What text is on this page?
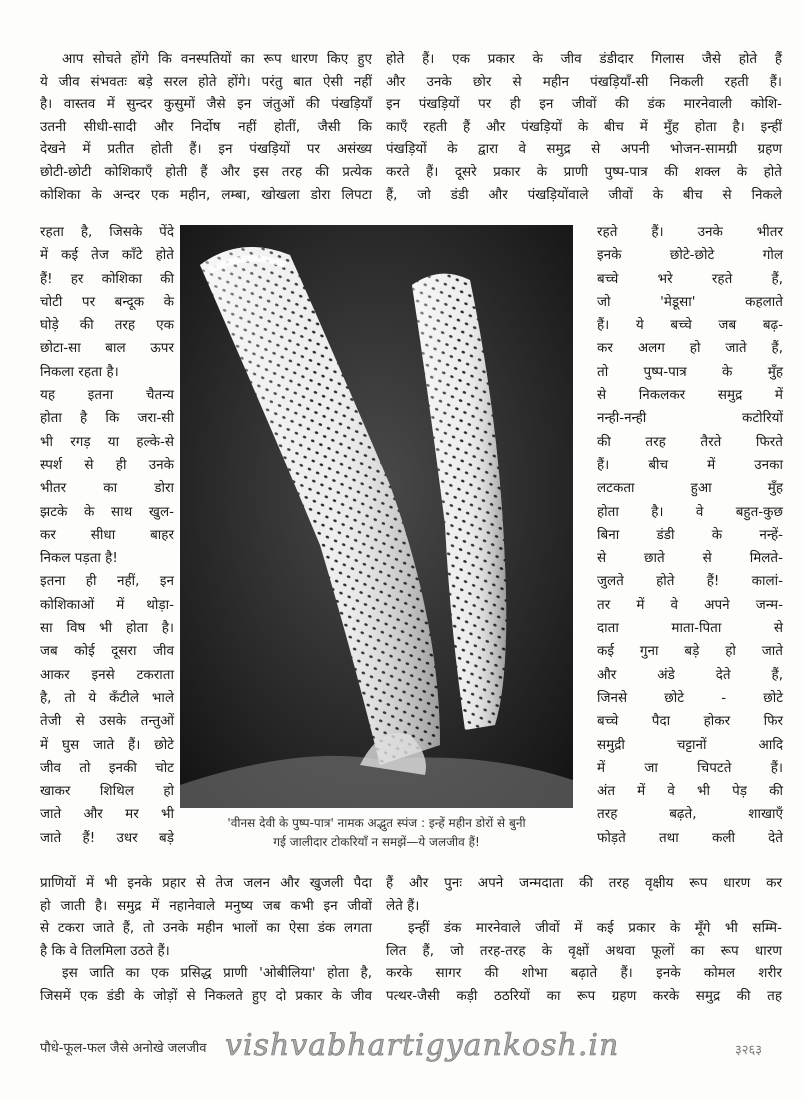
आप सोचते होंगे कि वनस्पतियों का रूप धारण किए हुए
ये जीव संभवतः बड़े सरल होते होंगे। परंतु बात ऐसी नहीं
है। वास्तव में सुन्दर कुसुमों जैसे इन जंतुओं की पंखड़ियाँ
उतनी सीधी-सादी और निर्दोष नहीं होतीं, जैसी कि
देखने में प्रतीत होती हैं। इन पंखड़ियों पर असंख्य
छोटी-छोटी कोशिकाएँ होती हैं और इस तरह की प्रत्येक
कोशिका के अन्दर एक महीन, लम्बा, खोखला डोरा लिपटा
होते हैं। एक प्रकार के जीव डंडीदार गिलास जैसे होते हैं
और उनके छोर से महीन पंखड़ियाँ-सी निकली रहती हैं।
इन पंखड़ियों पर ही इन जीवों की डंक मारनेवाली कोशि-
काएँ रहती हैं और पंखड़ियों के बीच में मुँह होता है। इन्हीं
पंखड़ियों के द्वारा वे समुद्र से अपनी भोजन-सामग्री ग्रहण
करते हैं। दूसरे प्रकार के प्राणी पुष्प-पात्र की शक्ल के होते
हैं, जो डंडी और पंखड़ियोंवाले जीवों के बीच से निकले
रहता है, जिसके पेंदे
में कई तेज काँटे होते
हैं! हर कोशिका की
चोटी पर बन्दूक के
घोड़े की तरह एक
छोटा-सा बाल ऊपर
निकला रहता है।
यह इतना चैतन्य
होता है कि जरा-सी
भी रगड़ या हल्के-से
स्पर्श से ही उनके
भीतर का डोरा
झटके के साथ खुल-
कर सीधा बाहर
निकल पड़ता है!
इतना ही नहीं, इन
कोशिकाओं में थोड़ा-
सा विष भी होता है।
जब कोई दूसरा जीव
आकर इनसे टकराता
है, तो ये कँटीले भाले
तेजी से उसके तन्तुओं
में घुस जाते हैं। छोटे
जीव तो इनकी चोट
खाकर शिथिल हो
जाते और मर भी
जाते हैं! उधर बड़े
रहते हैं। उनके भीतर
इनके छोटे-छोटे गोल
बच्चे भरे रहते हैं,
जो 'मेडूसा' कहलाते
हैं। ये बच्चे जब बढ़-
कर अलग हो जाते हैं,
तो पुष्प-पात्र के मुँह
से निकलकर समुद्र में
नन्ही-नन्ही कटोरियों
की तरह तैरते फिरते
हैं। बीच में उनका
लटकता हुआ मुँह
होता है। वे बहुत-कुछ
बिना डंडी के नन्हें-
से छाते से मिलते-
जुलते होते हैं! कालां-
तर में वे अपने जन्म-
दाता माता-पिता से
कई गुना बड़े हो जाते
और अंडे देते हैं,
जिनसे छोटे - छोटे
बच्चे पैदा होकर फिर
समुद्री चट्टानों आदि
में जा चिपटते हैं।
अंत में वे भी पेड़ की
तरह बढ़ते, शाखाएँ
फोड़ते तथा कली देते
प्राणियों में भी इनके प्रहार से तेज जलन और खुजली पैदा
हो जाती है। समुद्र में नहानेवाले मनुष्य जब कभी इन जीवों
से टकरा जाते हैं, तो उनके महीन भालों का ऐसा डंक लगता
है कि वे तिलमिला उठते हैं।
इस जाति का एक प्रसिद्ध प्राणी 'ओबीलिया' होता है,
जिसमें एक डंडी के जोड़ों से निकलते हुए दो प्रकार के जीव
हैं और पुनः अपने जन्मदाता की तरह वृक्षीय रूप धारण कर
लेते हैं।
इन्हीं डंक मारनेवाले जीवों में कई प्रकार के मूँगे भी सम्मि-
लित हैं, जो तरह-तरह के वृक्षों अथवा फूलों का रूप धारण
करके सागर की शोभा बढ़ाते हैं। इनके कोमल शरीर
पत्थर-जैसी कड़ी ठठरियों का रूप ग्रहण करके समुद्र की तह
'वीनस देवी के पुष्प-पात्र' नामक अद्भुत स्पंज : इन्हें महीन डोरों से बुनी
गई जालीदार टोकरियाँ न समझें—ये जलजीव हैं!
पौधे-फूल-फल जैसे अनोखे जलजीव vishvabhartigyankosh.in	३२६३
